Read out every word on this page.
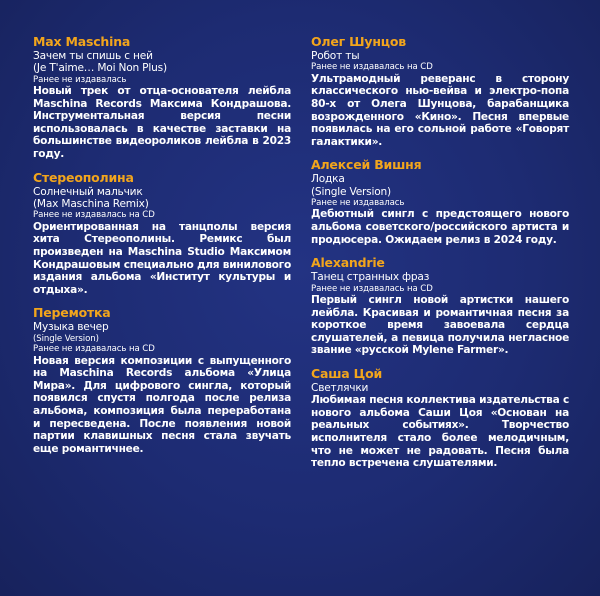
Max Maschina
Зачем ты спишь с ней
(Je T'aime… Moi Non Plus)
Ранее не издавалась
Новый трек от отца-основателя лейбла Maschina Records Максима Кондрашова. Инструментальная версия песни использовалась в качестве заставки на большинстве видеороликов лейбла в 2023 году.
Стереополина
Солнечный мальчик
(Max Maschina Remix)
Ранее не издавалась на CD
Ориентированная на танцполы версия хита Стереополины. Ремикс был произведен на Maschina Studio Максимом Кондрашовым специально для винилового издания альбома «Институт культуры и отдыха».
Перемотка
Музыка вечер
(Single Version)
Ранее не издавалась на CD
Новая версия композиции с выпущенного на Maschina Records альбома «Улица Мира». Для цифрового сингла, который появился спустя полгода после релиза альбома, композиция была переработана и пересведена. После появления новой партии клавишных песня стала звучать еще романтичнее.
Олег Шунцов
Робот ты
Ранее не издавалась на CD
Ультрамодный реверанс в сторону классического нью-вейва и электро-попа 80-х от Олега Шунцова, барабанщика возрожденного «Кино». Песня впервые появилась на его сольной работе «Говорят галактики».
Алексей Вишня
Лодка
(Single Version)
Ранее не издавалась
Дебютный сингл с предстоящего нового альбома советского/российского артиста и продюсера. Ожидаем релиз в 2024 году.
Alexandrie
Танец странных фраз
Ранее не издавалась на CD
Первый сингл новой артистки нашего лейбла. Красивая и романтичная песня за короткое время завоевала сердца слушателей, а певица получила негласное звание «русской Mylene Farmer».
Саша Цой
Светлячки
Любимая песня коллектива издательства с нового альбома Саши Цоя «Основан на реальных событиях». Творчество исполнителя стало более мелодичным, что не может не радовать. Песня была тепло встречена слушателями.
